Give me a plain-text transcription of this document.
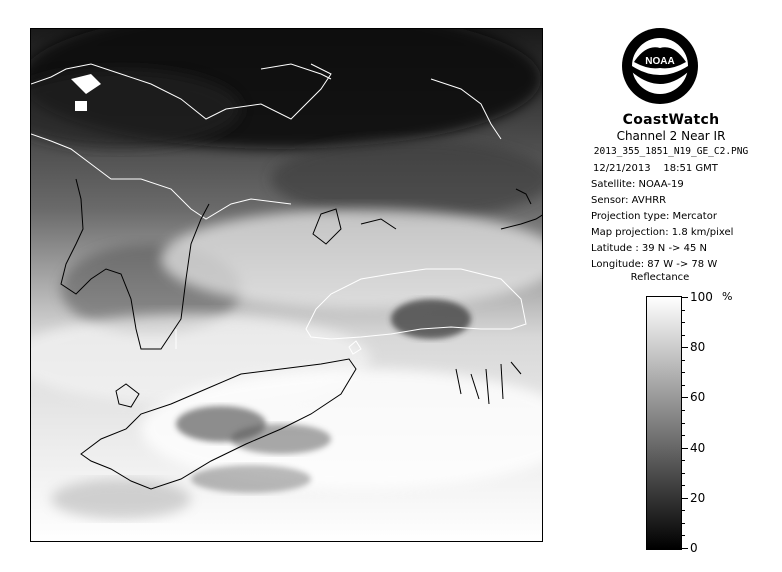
NOAA
CoastWatch
Channel 2 Near IR
2013_355_1851_N19_GE_C2.PNG
12/21/2013 18:51 GMT
Satellite: NOAA-19
Sensor: AVHRR
Projection type: Mercator
Map projection: 1.8 km/pixel
Latitude : 39 N -> 45 N
Longitude: 87 W -> 78 W
Reflectance
100
80
60
40
20
0
%
